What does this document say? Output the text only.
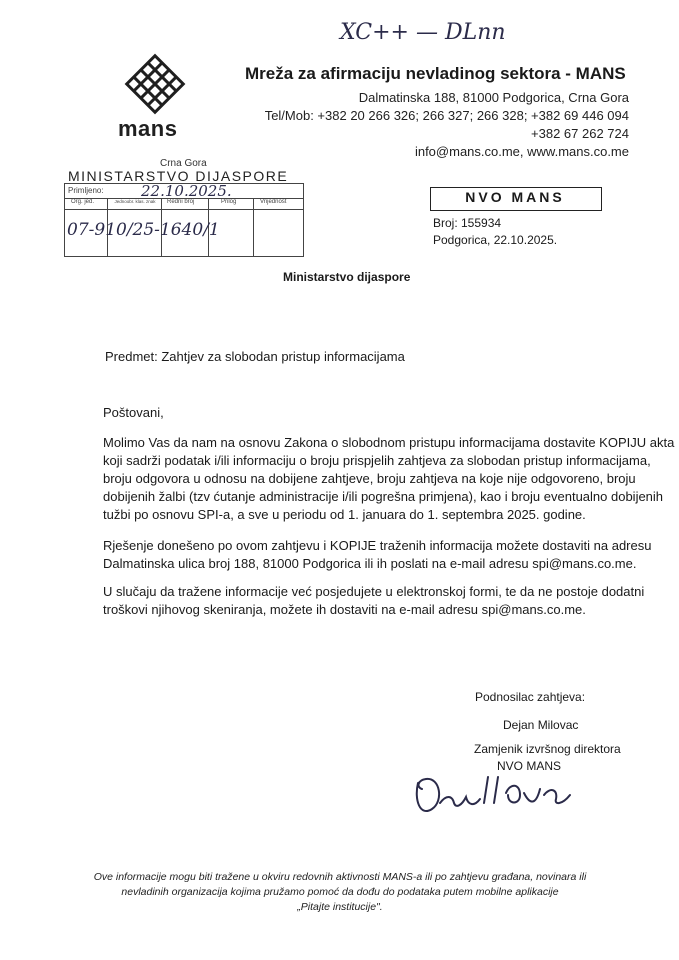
XC++ — DLnn
mans
Mreža za afirmaciju nevladinog sektora - MANS
Dalmatinska 188, 81000 Podgorica, Crna Gora
Tel/Mob: +382 20 266 326; 266 327; 266 328; +382 69 446 094
+382 67 262 724
info@mans.co.me, www.mans.co.me
Crna Gora
MINISTARSTVO DIJASPORE
Primljeno: 22.10.2025.
Org. jed.	Jednoobr. klas. znak	Redni broj	Prilog	Vrijednost
07-910/25-1640/1
NVO MANS
Broj: 155934
Podgorica, 22.10.2025.
Ministarstvo dijaspore
Predmet: Zahtjev za slobodan pristup informacijama
Poštovani,
Molimo Vas da nam na osnovu Zakona o slobodnom pristupu informacijama dostavite KOPIJU akta
koji sadrži podatak i/ili informaciju o broju prispjelih zahtjeva za slobodan pristup informacijama,
broju odgovora u odnosu na dobijene zahtjeve, broju zahtjeva na koje nije odgovoreno, broju
dobijenih žalbi (tzv ćutanje administracije i/ili pogrešna primjena), kao i broju eventualno dobijenih
tužbi po osnovu SPI-a, a sve u periodu od 1. januara do 1. septembra 2025. godine.
Rješenje donešeno po ovom zahtjevu i KOPIJE traženih informacija možete dostaviti na adresu
Dalmatinska ulica broj 188, 81000 Podgorica ili ih poslati na e-mail adresu spi@mans.co.me.
U slučaju da tražene informacije već posjedujete u elektronskoj formi, te da ne postoje dodatni
troškovi njihovog skeniranja, možete ih dostaviti na e-mail adresu spi@mans.co.me.
Podnosilac zahtjeva:
Dejan Milovac
Zamjenik izvršnog direktora
NVO MANS
Ove informacije mogu biti tražene u okviru redovnih aktivnosti MANS-a ili po zahtjevu građana, novinara ili
nevladinih organizacija kojima pružamo pomoć da dođu do podataka putem mobilne aplikacije
„Pitajte institucije".
